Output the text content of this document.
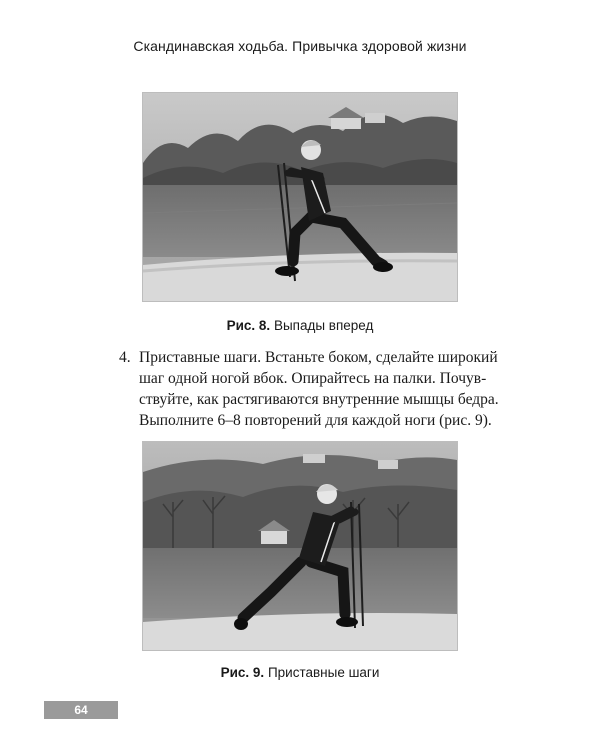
Скандинавская ходьба. Привычка здоровой жизни
Рис. 8. Выпады вперед
4. Приставные шаги. Встаньте боком, сделайте широкий
шаг одной ногой вбок. Опирайтесь на палки. Почув-
ствуйте, как растягиваются внутренние мышцы бедра.
Выполните 6–8 повторений для каждой ноги (рис. 9).
Рис. 9. Приставные шаги
64
